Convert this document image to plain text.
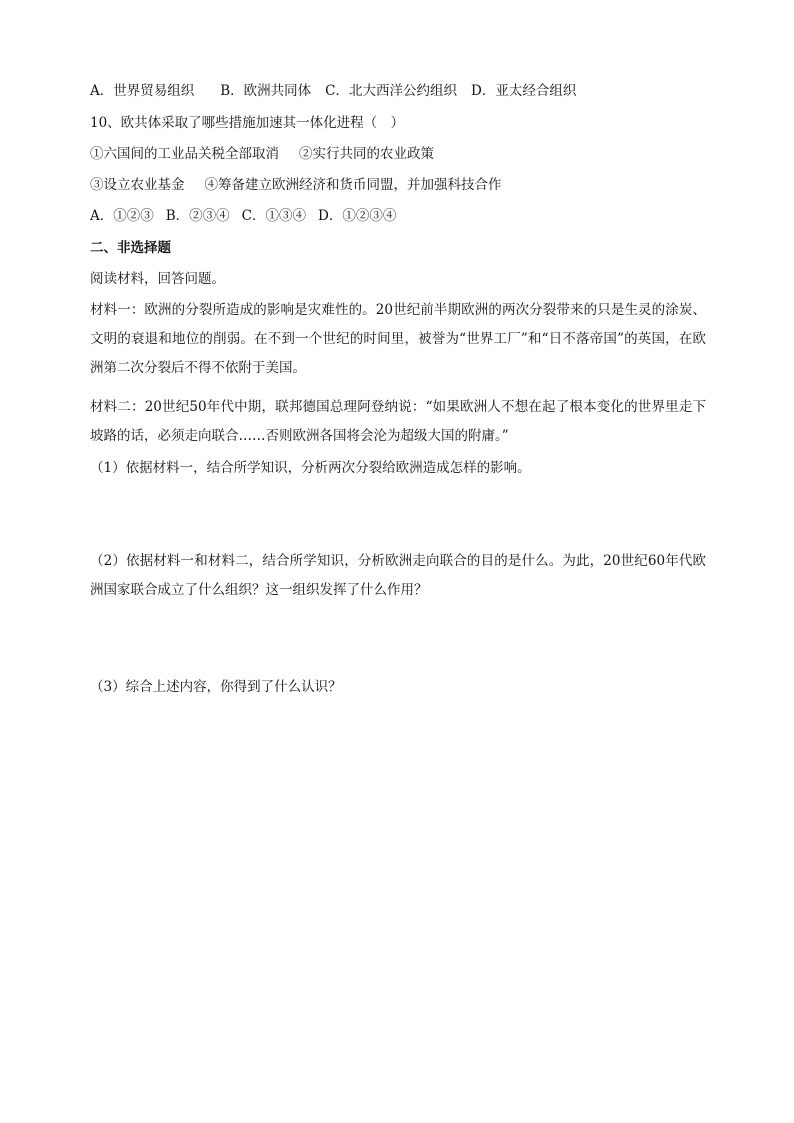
A．世界贸易组织 B．欧洲共同体 C．北大西洋公约组织 D．亚太经合组织
10、欧共体采取了哪些措施加速其一体化进程（　）
①六国间的工业品关税全部取消 ②实行共同的农业政策
③设立农业基金 ④筹备建立欧洲经济和货币同盟，并加强科技合作
A．①②③ B．②③④ C．①③④ D．①②③④
二、非选择题
阅读材料，回答问题。
材料一：欧洲的分裂所造成的影响是灾难性的。20世纪前半期欧洲的两次分裂带来的只是生灵的涂炭、文明的衰退和地位的削弱。在不到一个世纪的时间里，被誉为“世界工厂”和“日不落帝国”的英国，在欧洲第二次分裂后不得不依附于美国。
材料二：20世纪50年代中期，联邦德国总理阿登纳说：“如果欧洲人不想在起了根本变化的世界里走下坡路的话，必须走向联合……否则欧洲各国将会沦为超级大国的附庸。”
（1）依据材料一，结合所学知识，分析两次分裂给欧洲造成怎样的影响。
（2）依据材料一和材料二，结合所学知识，分析欧洲走向联合的目的是什么。为此，20世纪60年代欧洲国家联合成立了什么组织？这一组织发挥了什么作用？
（3）综合上述内容，你得到了什么认识？
